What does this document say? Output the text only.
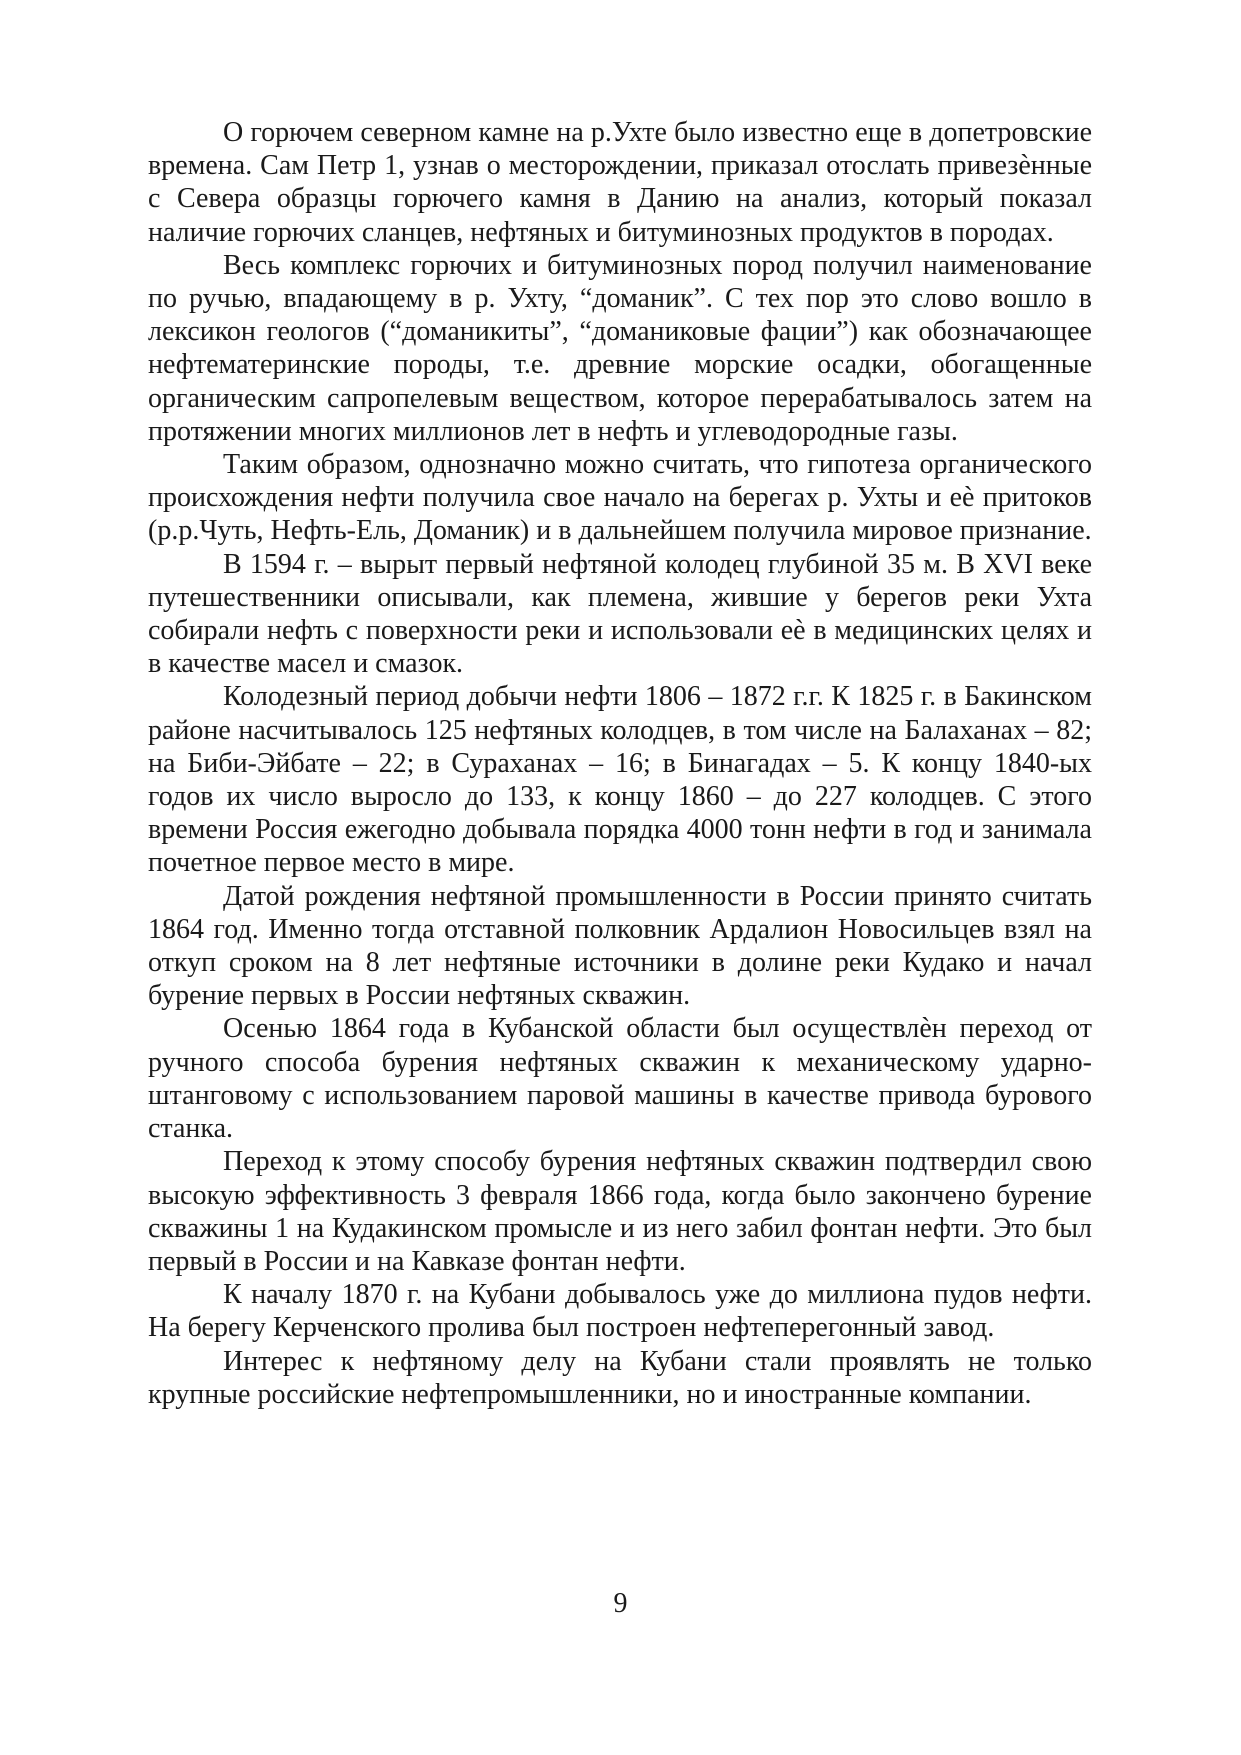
О горючем северном камне на р.Ухте было известно еще в допетровские времена. Сам Петр 1, узнав о месторождении, приказал отослать привезѐнные с Севера образцы горючего камня в Данию на анализ, который показал наличие горючих сланцев, нефтяных и битуминозных продуктов в породах.

Весь комплекс горючих и битуминозных пород получил наименование по ручью, впадающему в р. Ухту, “доманик”. С тех пор это слово вошло в лексикон геологов (“доманикиты”, “доманиковые фации”) как обозначающее нефтематеринские породы, т.е. древние морские осадки, обогащенные органическим сапропелевым веществом, которое перерабатывалось затем на протяжении многих миллионов лет в нефть и углеводородные газы.

Таким образом, однозначно можно считать, что гипотеза органического происхождения нефти получила свое начало на берегах р. Ухты и еѐ притоков (р.р.Чуть, Нефть-Ель, Доманик) и в дальнейшем получила мировое признание.

В 1594 г. – вырыт первый нефтяной колодец глубиной 35 м. В XVI веке путешественники описывали, как племена, жившие у берегов реки Ухта собирали нефть с поверхности реки и использовали еѐ в медицинских целях и в качестве масел и смазок.

Колодезный период добычи нефти 1806 – 1872 г.г. К 1825 г. в Бакинском районе насчитывалось 125 нефтяных колодцев, в том числе на Балаханах – 82; на Биби-Эйбате – 22; в Сураханах – 16; в Бинагадах – 5. К концу 1840-ых годов их число выросло до 133, к концу 1860 – до 227 колодцев. С этого времени Россия ежегодно добывала порядка 4000 тонн нефти в год и занимала почетное первое место в мире.

Датой рождения нефтяной промышленности в России принято считать 1864 год. Именно тогда отставной полковник Ардалион Новосильцев взял на откуп сроком на 8 лет нефтяные источники в долине реки Кудако и начал бурение первых в России нефтяных скважин.

Осенью 1864 года в Кубанской области был осуществлѐн переход от ручного способа бурения нефтяных скважин к механическому ударно-штанговому с использованием паровой машины в качестве привода бурового станка.

Переход к этому способу бурения нефтяных скважин подтвердил свою высокую эффективность 3 февраля 1866 года, когда было закончено бурение скважины 1 на Кудакинском промысле и из него забил фонтан нефти. Это был первый в России и на Кавказе фонтан нефти.

К началу 1870 г. на Кубани добывалось уже до миллиона пудов нефти. На берегу Керченского пролива был построен нефтеперегонный завод.

Интерес к нефтяному делу на Кубани стали проявлять не только крупные российские нефтепромышленники, но и иностранные компании.

9
